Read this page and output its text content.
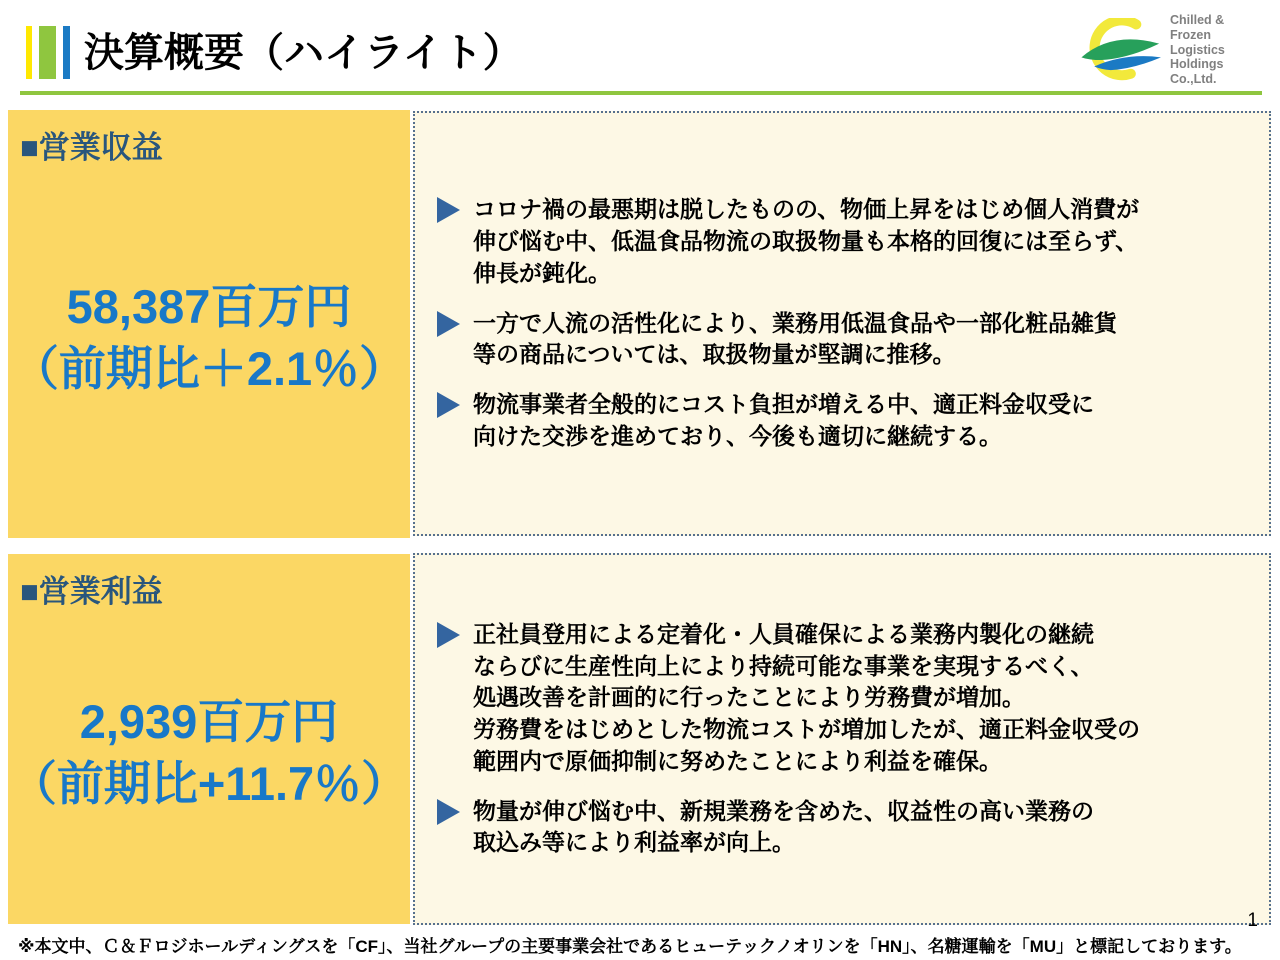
決算概要（ハイライト）
Chilled & Frozen
Logistics Holdings
Co.,Ltd.
■営業収益
58,387百万円
（前期比＋2.1％）
コロナ禍の最悪期は脱したものの、物価上昇をはじめ個人消費が
伸び悩む中、低温食品物流の取扱物量も本格的回復には至らず、
伸長が鈍化。
一方で人流の活性化により、業務用低温食品や一部化粧品雑貨
等の商品については、取扱物量が堅調に推移。
物流事業者全般的にコスト負担が増える中、適正料金収受に
向けた交渉を進めており、今後も適切に継続する。
■営業利益
2,939百万円
（前期比+11.7％）
正社員登用による定着化・人員確保による業務内製化の継続
ならびに生産性向上により持続可能な事業を実現するべく、
処遇改善を計画的に行ったことにより労務費が増加。
労務費をはじめとした物流コストが増加したが、適正料金収受の
範囲内で原価抑制に努めたことにより利益を確保。
物量が伸び悩む中、新規業務を含めた、収益性の高い業務の
取込み等により利益率が向上。
※本文中、Ｃ＆Ｆロジホールディングスを「CF」、当社グループの主要事業会社であるヒューテックノオリンを「HN」、名糖運輸を「MU」と標記しております。
1
